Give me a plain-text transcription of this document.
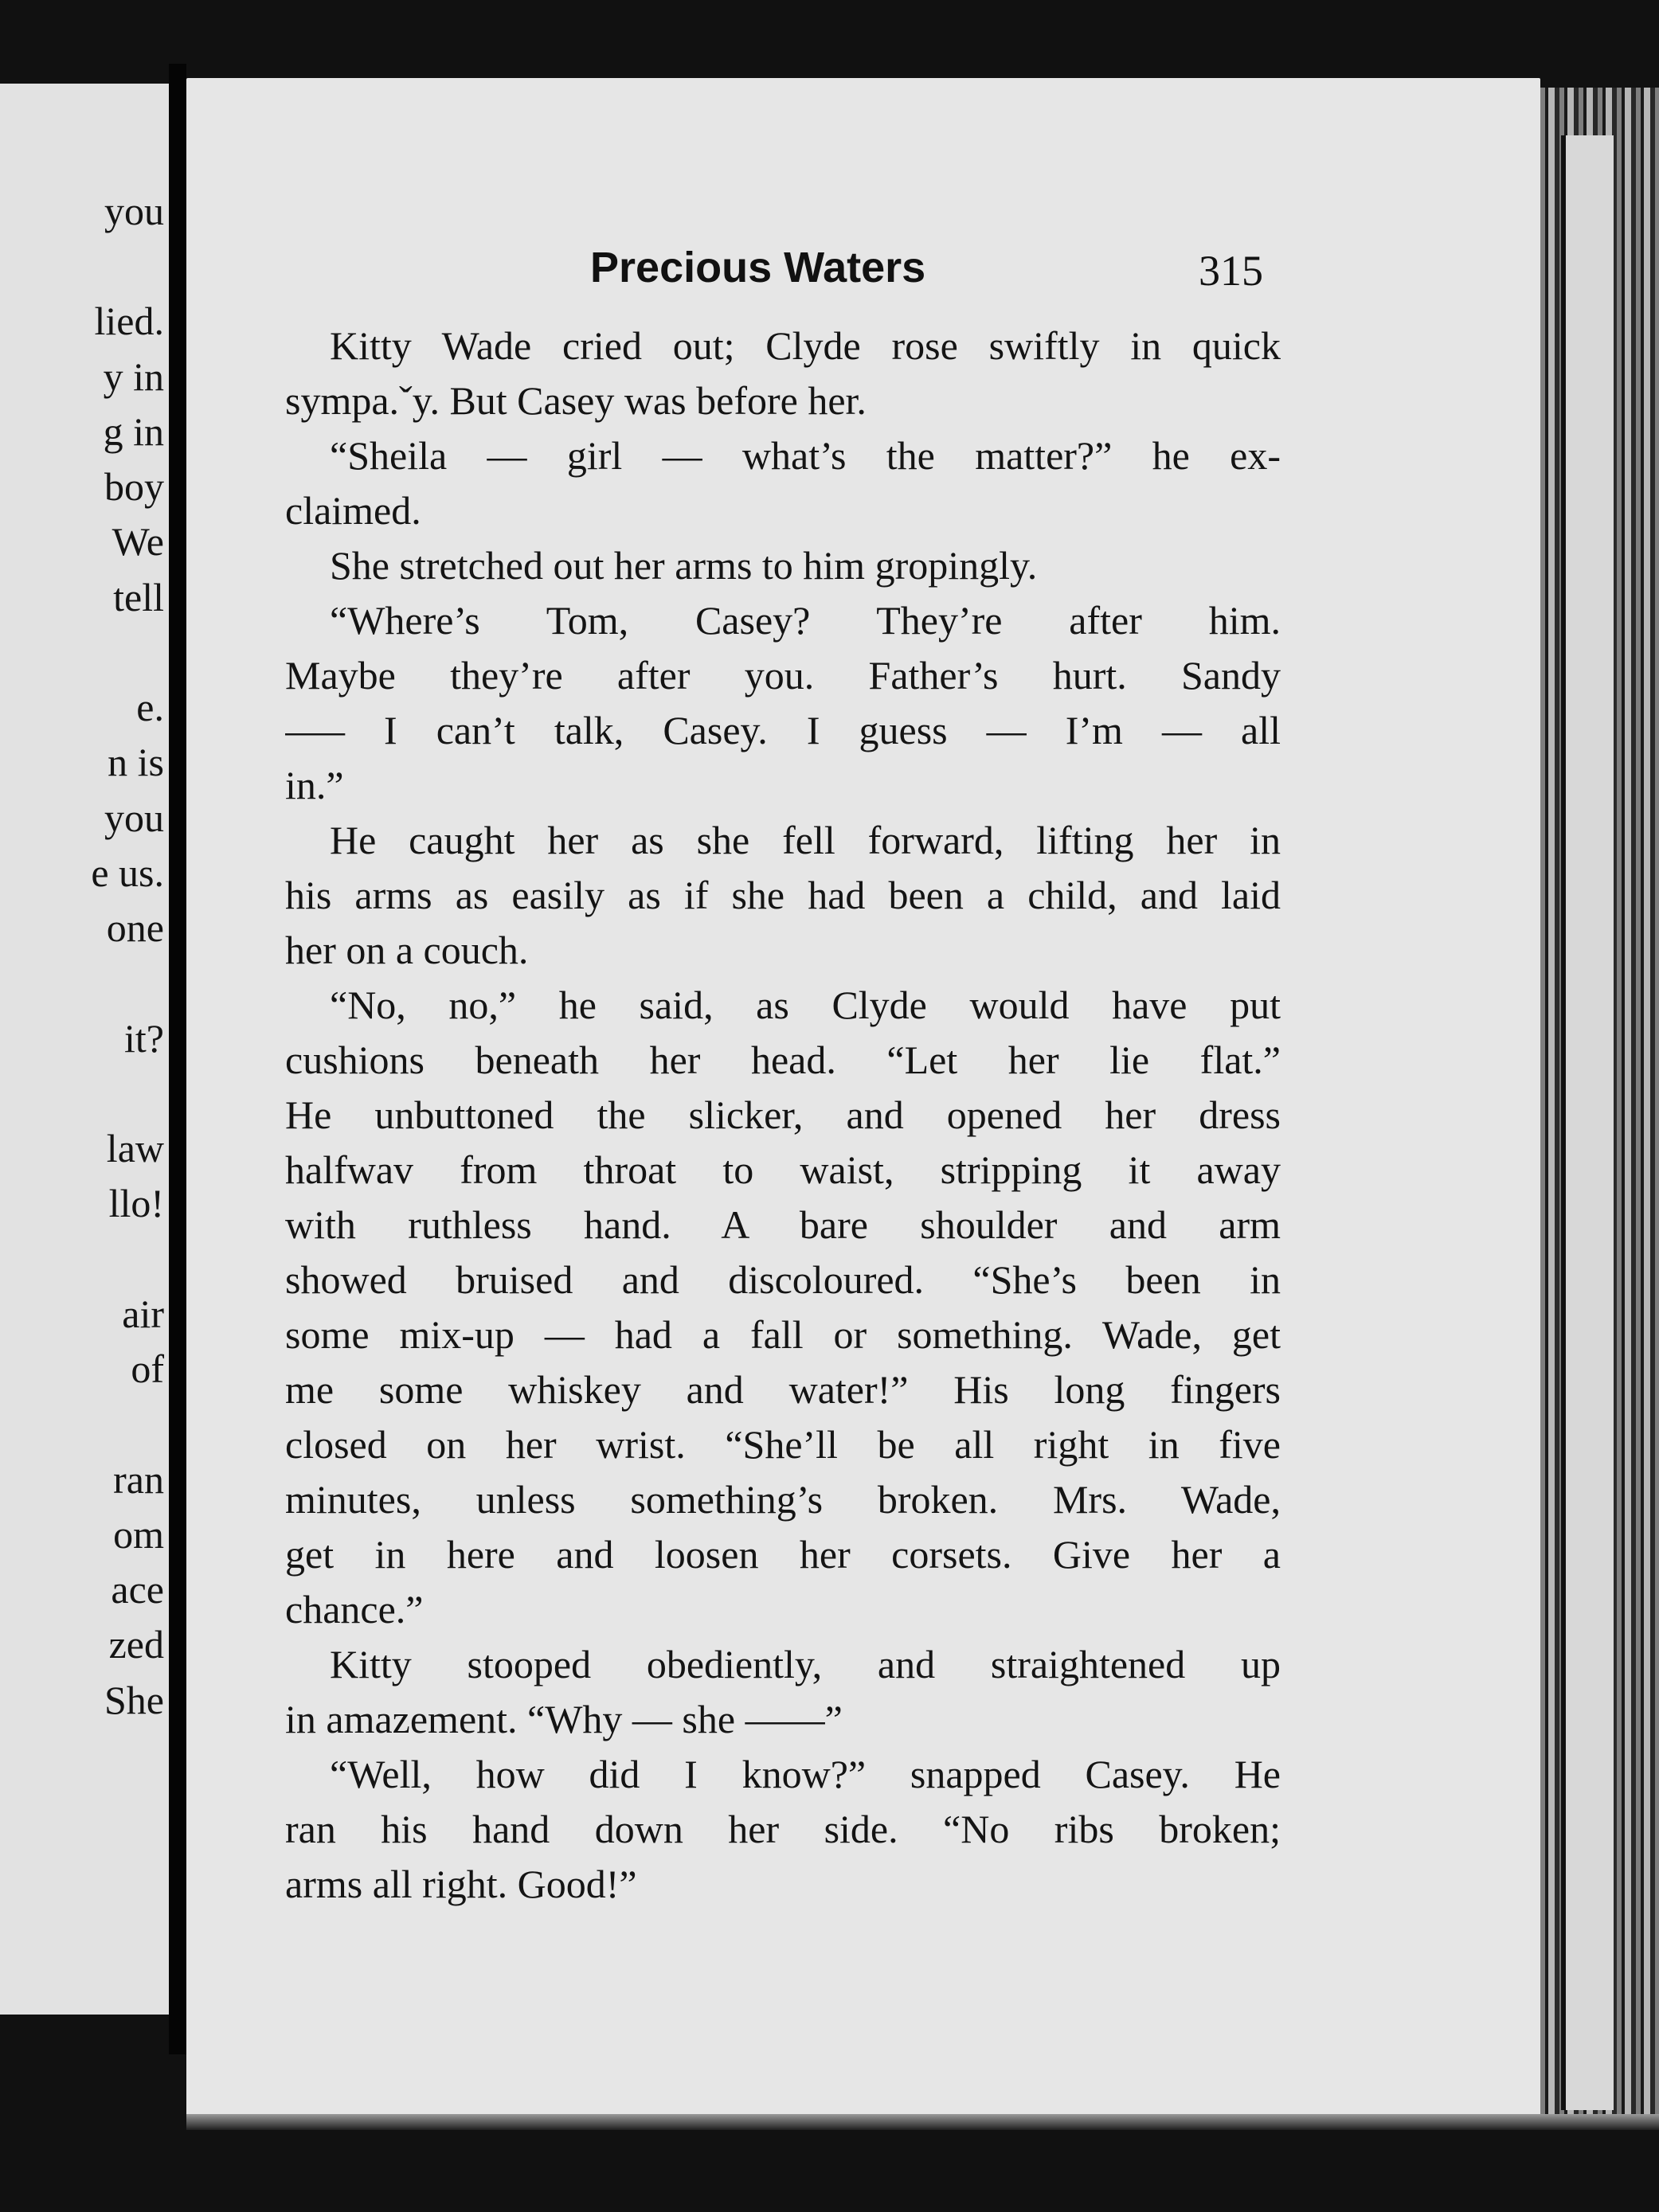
you
lied.
y in
g in
boy
We
tell
e.
n is
you
e us.
one
it?
law
llo!
air
of
ran
om
ace
zed
She
Precious Waters	315
Kitty Wade cried out; Clyde rose swiftly in quick
sympa.ˇy. But Casey was before her.
“Sheila — girl — what’s the matter?” he ex-
claimed.
She stretched out her arms to him gropingly.
“Where’s Tom, Casey? They’re after him.
Maybe they’re after you. Father’s hurt. Sandy
—– I can’t talk, Casey. I guess — I’m — all
in.”
He caught her as she fell forward, lifting her in
his arms as easily as if she had been a child, and laid
her on a couch.
“No, no,” he said, as Clyde would have put
cushions beneath her head. “Let her lie flat.”
He unbuttoned the slicker, and opened her dress
halfwav from throat to waist, stripping it away
with ruthless hand. A bare shoulder and arm
showed bruised and discoloured. “She’s been in
some mix-up — had a fall or something. Wade, get
me some whiskey and water!” His long fingers
closed on her wrist. “She’ll be all right in five
minutes, unless something’s broken. Mrs. Wade,
get in here and loosen her corsets. Give her a
chance.”
Kitty stooped obediently, and straightened up
in amazement. “Why — she ——”
“Well, how did I know?” snapped Casey. He
ran his hand down her side. “No ribs broken;
arms all right. Good!”
